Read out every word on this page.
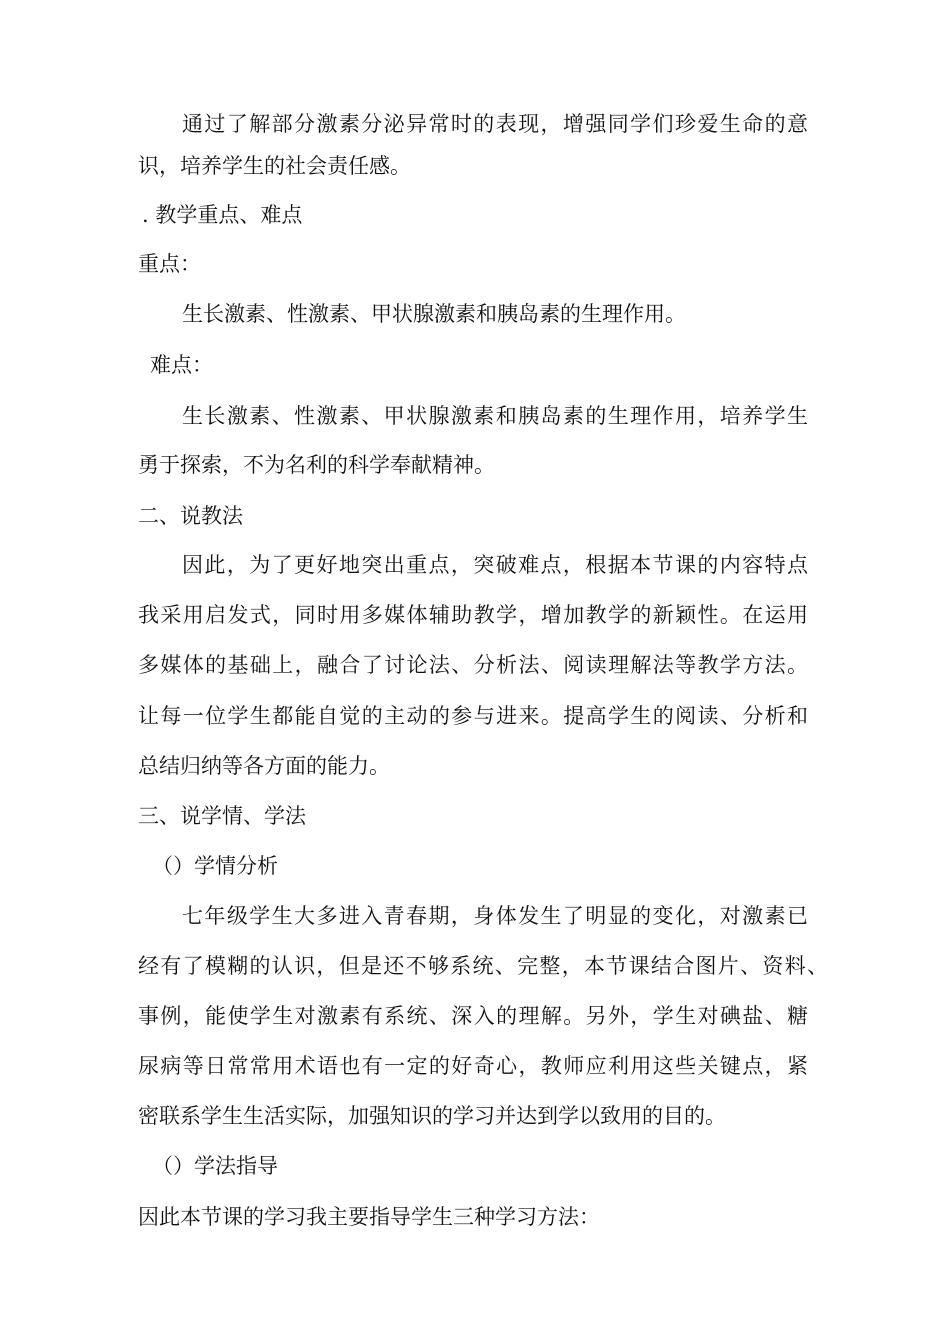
通过了解部分激素分泌异常时的表现，增强同学们珍爱生命的意
识，培养学生的社会责任感。
. 教学重点、难点
重点：
生长激素、性激素、甲状腺激素和胰岛素的生理作用。
难点：
生长激素、性激素、甲状腺激素和胰岛素的生理作用，培养学生
勇于探索，不为名利的科学奉献精神。
二、说教法
因此，为了更好地突出重点，突破难点，根据本节课的内容特点
我采用启发式，同时用多媒体辅助教学，增加教学的新颖性。在运用
多媒体的基础上，融合了讨论法、分析法、阅读理解法等教学方法。
让每一位学生都能自觉的主动的参与进来。提高学生的阅读、分析和
总结归纳等各方面的能力。
三、说学情、学法
（）学情分析
七年级学生大多进入青春期，身体发生了明显的变化，对激素已
经有了模糊的认识，但是还不够系统、完整，本节课结合图片、资料、
事例，能使学生对激素有系统、深入的理解。另外，学生对碘盐、糖
尿病等日常常用术语也有一定的好奇心，教师应利用这些关键点，紧
密联系学生生活实际，加强知识的学习并达到学以致用的目的。
（）学法指导
因此本节课的学习我主要指导学生三种学习方法：
